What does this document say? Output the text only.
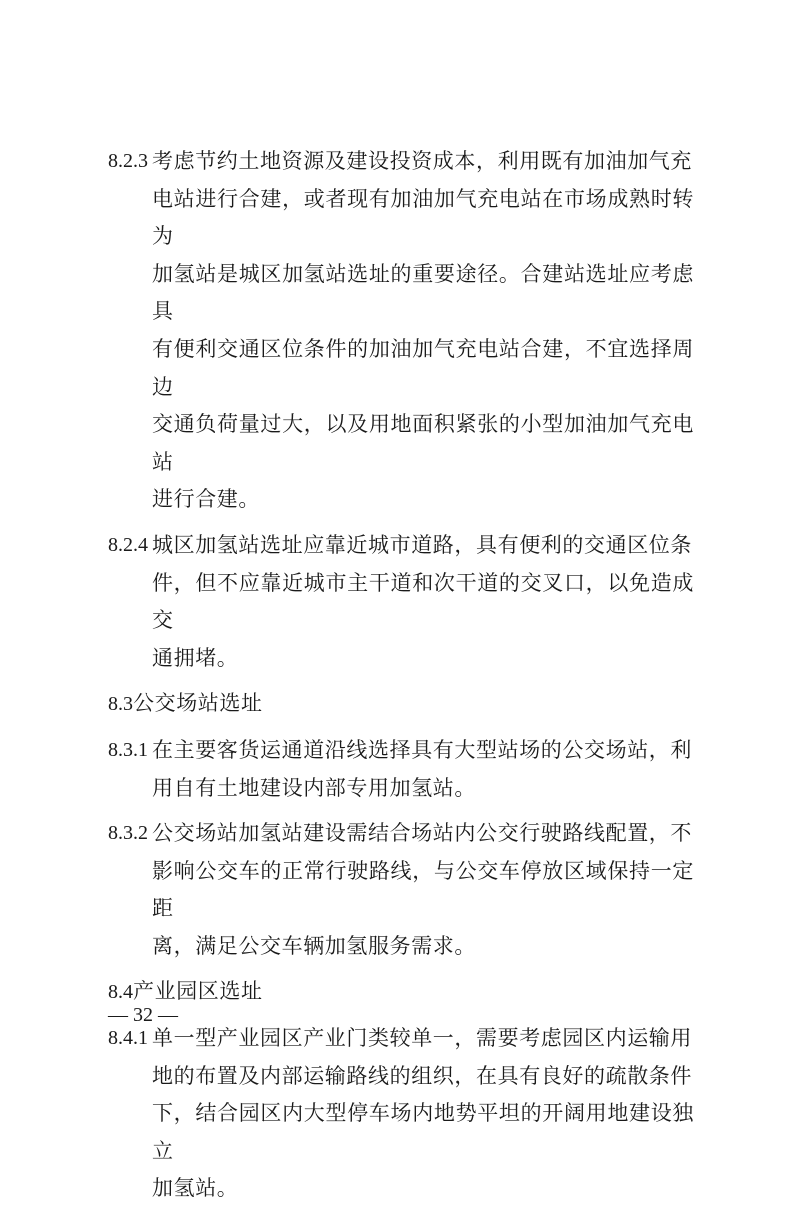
8.2.3 考虑节约土地资源及建设投资成本，利用既有加油加气充
电站进行合建，或者现有加油加气充电站在市场成熟时转为
加氢站是城区加氢站选址的重要途径。合建站选址应考虑具
有便利交通区位条件的加油加气充电站合建，不宜选择周边
交通负荷量过大，以及用地面积紧张的小型加油加气充电站
进行合建。
8.2.4 城区加氢站选址应靠近城市道路，具有便利的交通区位条
件，但不应靠近城市主干道和次干道的交叉口，以免造成交
通拥堵。
8.3公交场站选址
8.3.1 在主要客货运通道沿线选择具有大型站场的公交场站，利
用自有土地建设内部专用加氢站。
8.3.2 公交场站加氢站建设需结合场站内公交行驶路线配置，不
影响公交车的正常行驶路线，与公交车停放区域保持一定距
离，满足公交车辆加氢服务需求。
8.4产业园区选址
8.4.1 单一型产业园区产业门类较单一，需要考虑园区内运输用
地的布置及内部运输路线的组织，在具有良好的疏散条件
下，结合园区内大型停车场内地势平坦的开阔用地建设独立
加氢站。
— 32 —
